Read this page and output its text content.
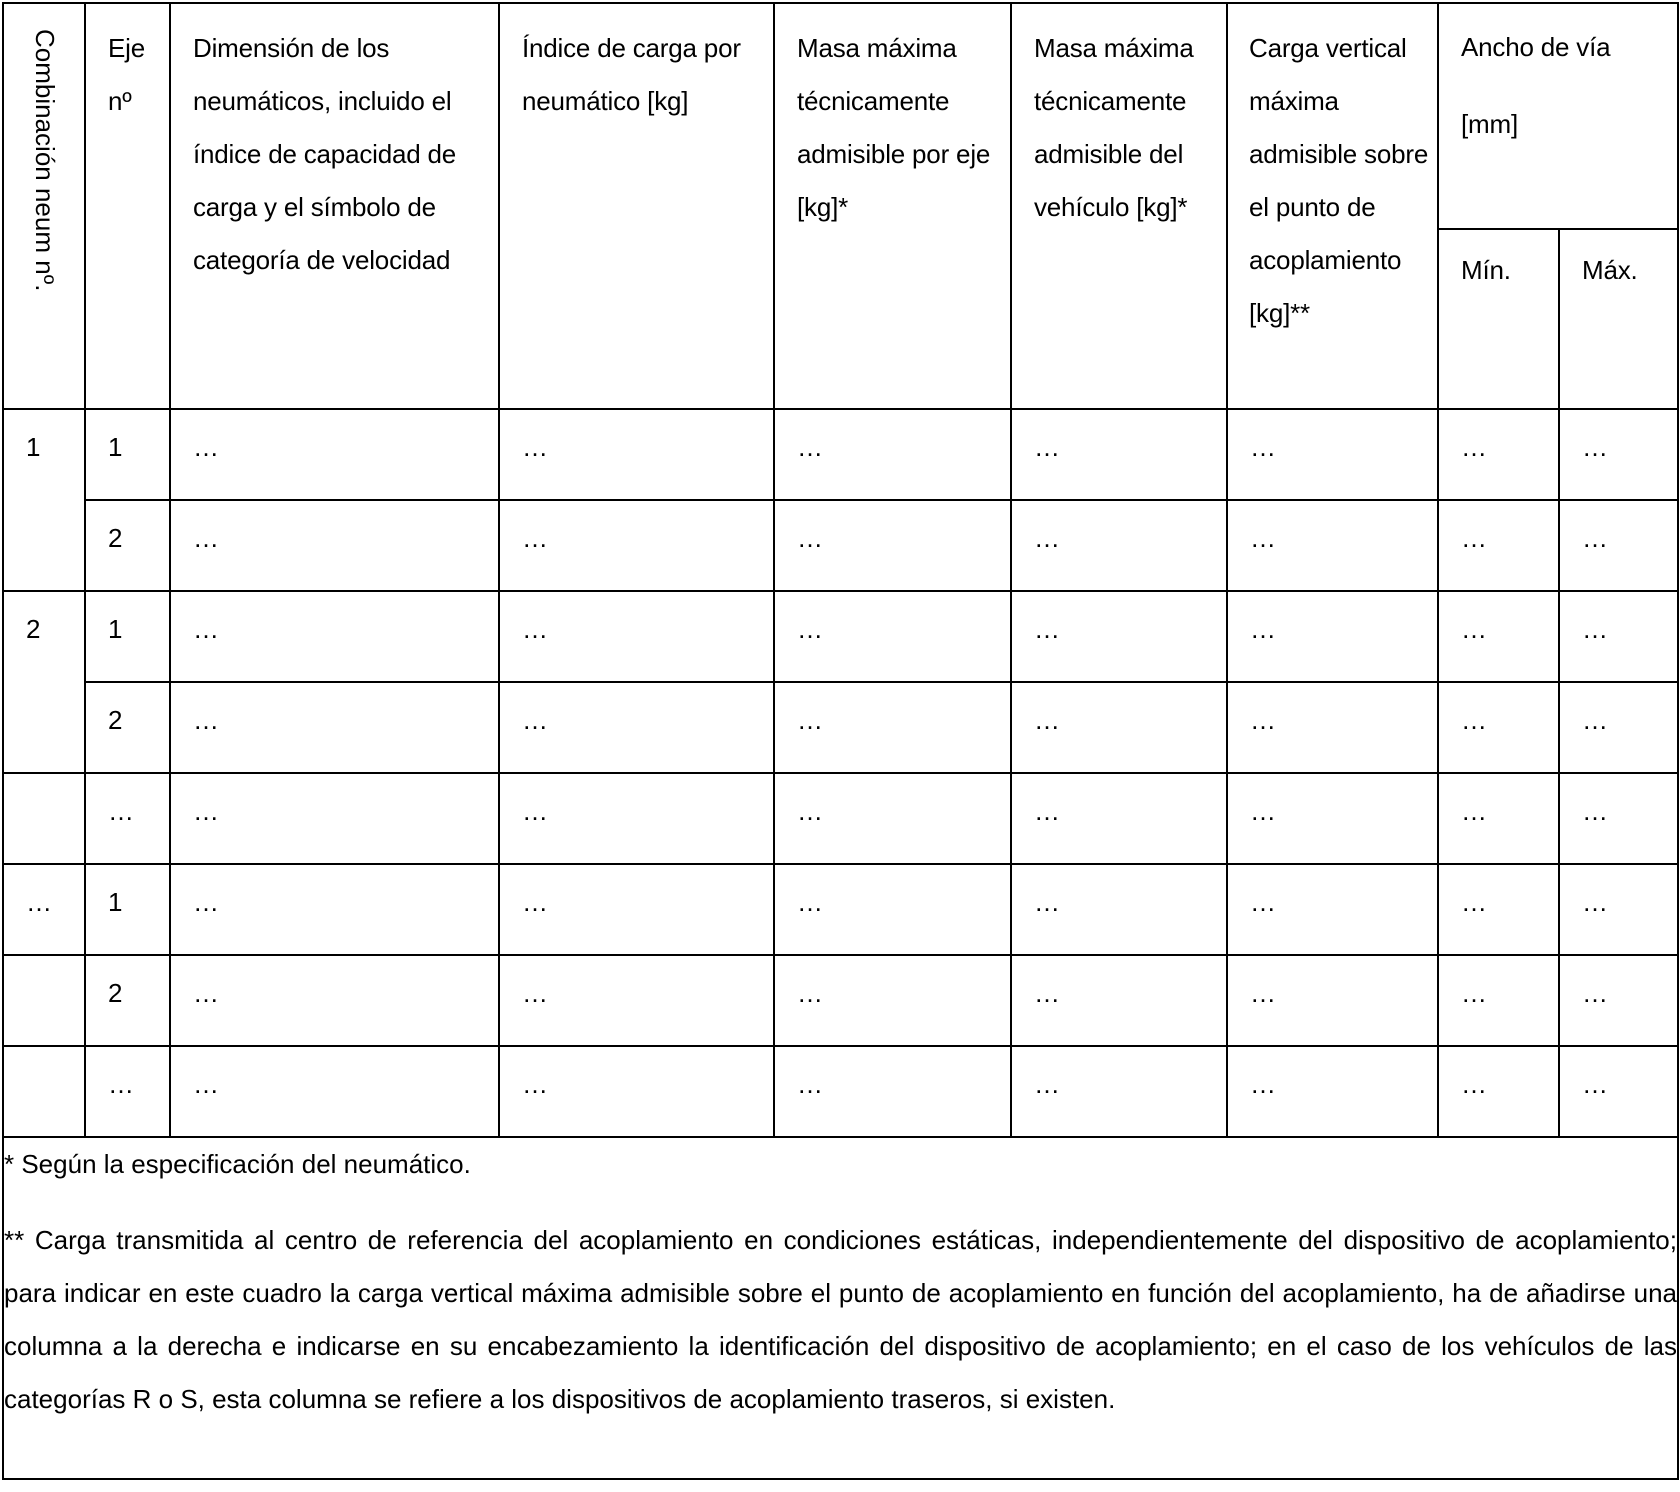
Combinación neum nº.	Eje nº	Dimensión de los neumáticos, incluido el índice de capacidad de carga y el símbolo de categoría de velocidad	Índice de carga por neumático [kg]	Masa máxima técnicamente admisible por eje [kg]*	Masa máxima técnicamente admisible del vehículo [kg]*	Carga vertical máxima admisible sobre el punto de acoplamiento [kg]**	Ancho de vía [mm]	

							Mín.	Máx.

1	1	…	…	…	…	…	…	…

	2	…	…	…	…	…	…	…

2	1	…	…	…	…	…	…	…

	2	…	…	…	…	…	…	…

	…	…	…	…	…	…	…	…

…	1	…	…	…	…	…	…	…

	2	…	…	…	…	…	…	…

	…	…	…	…	…	…	…	…

* Según la especificación del neumático.

** Carga transmitida al centro de referencia del acoplamiento en condiciones estáticas, independientemente del dispositivo de acoplamiento; para indicar en este cuadro la carga vertical máxima admisible sobre el punto de acoplamiento en función del acoplamiento, ha de añadirse una columna a la derecha e indicarse en su encabezamiento la identificación del dispositivo de acoplamiento; en el caso de los vehículos de las categorías R o S, esta columna se refiere a los dispositivos de acoplamiento traseros, si existen.								
